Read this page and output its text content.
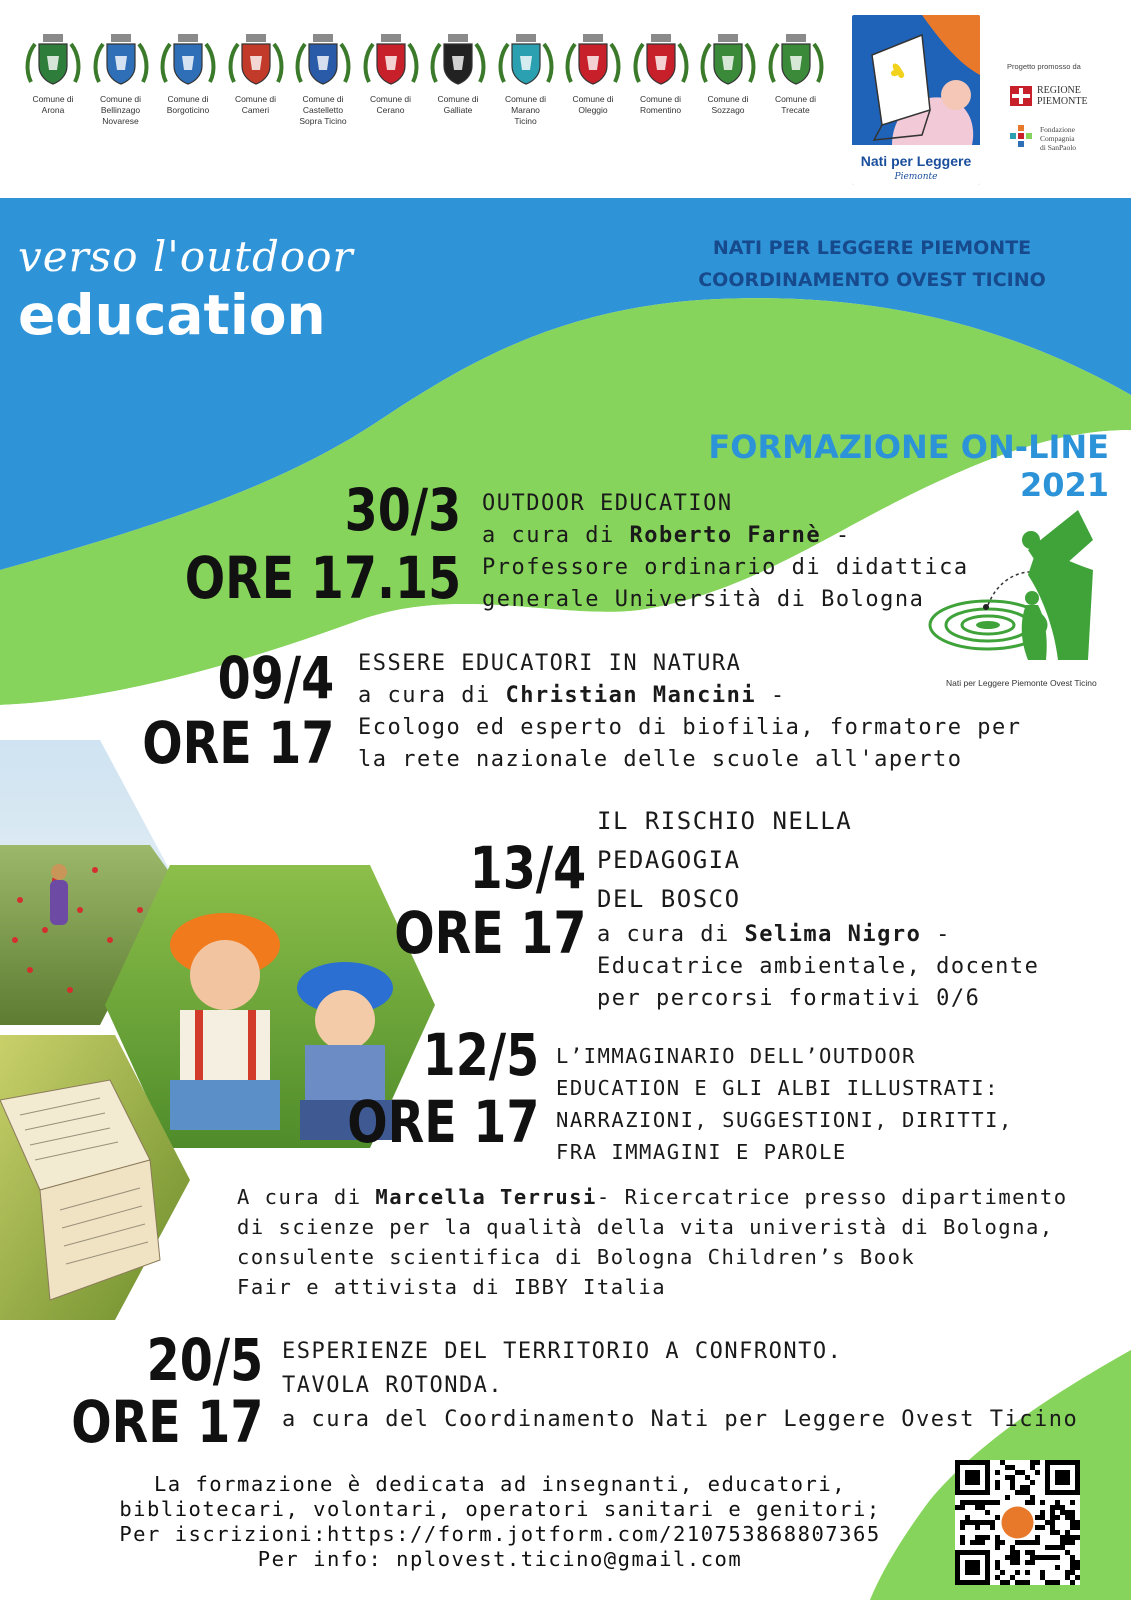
Comune di
Arona
Comune di
Bellinzago
Novarese
Comune di
Borgoticino
Comune di
Cameri
Comune di
Castelletto
Sopra Ticino
Comune di
Cerano
Comune di
Galliate
Comune di
Marano
Ticino
Comune di
Oleggio
Comune di
Romentino
Comune di
Sozzago
Comune di
Trecate
Nati per Leggere
Piemonte
Progetto promosso da
REGIONE
PIEMONTE
Fondazione
Compagnia
di SanPaolo
verso l'outdoor
education
NATI PER LEGGERE PIEMONTE
COORDINAMENTO OVEST TICINO
FORMAZIONE ON-LINE
2021
Nati per Leggere Piemonte Ovest Ticino
30/3
ORE 17.15
OUTDOOR EDUCATION
a cura di Roberto Farnè -
Professore ordinario di didattica
generale Università di Bologna
09/4
ORE 17
ESSERE EDUCATORI IN NATURA
a cura di Christian Mancini -
Ecologo ed esperto di biofilia, formatore per
la rete nazionale delle scuole all'aperto
13/4
ORE 17
IL RISCHIO NELLA
PEDAGOGIA
DEL BOSCO
a cura di Selima Nigro -
Educatrice ambientale, docente
per percorsi formativi 0/6
12/5
ORE 17
L’IMMAGINARIO DELL’OUTDOOR
EDUCATION E GLI ALBI ILLUSTRATI:
NARRAZIONI, SUGGESTIONI, DIRITTI,
FRA IMMAGINI E PAROLE
A cura di Marcella Terrusi- Ricercatrice presso dipartimento
di scienze per la qualità della vita univeristà di Bologna,
consulente scientifica di Bologna Children’s Book
Fair e attivista di IBBY Italia
20/5
ORE 17
ESPERIENZE DEL TERRITORIO A CONFRONTO.
TAVOLA ROTONDA.
a cura del Coordinamento Nati per Leggere Ovest Ticino
La formazione è dedicata ad insegnanti, educatori,
bibliotecari, volontari, operatori sanitari e genitori;
Per iscrizioni:https://form.jotform.com/210753868807365
Per info: nplovest.ticino@gmail.com
